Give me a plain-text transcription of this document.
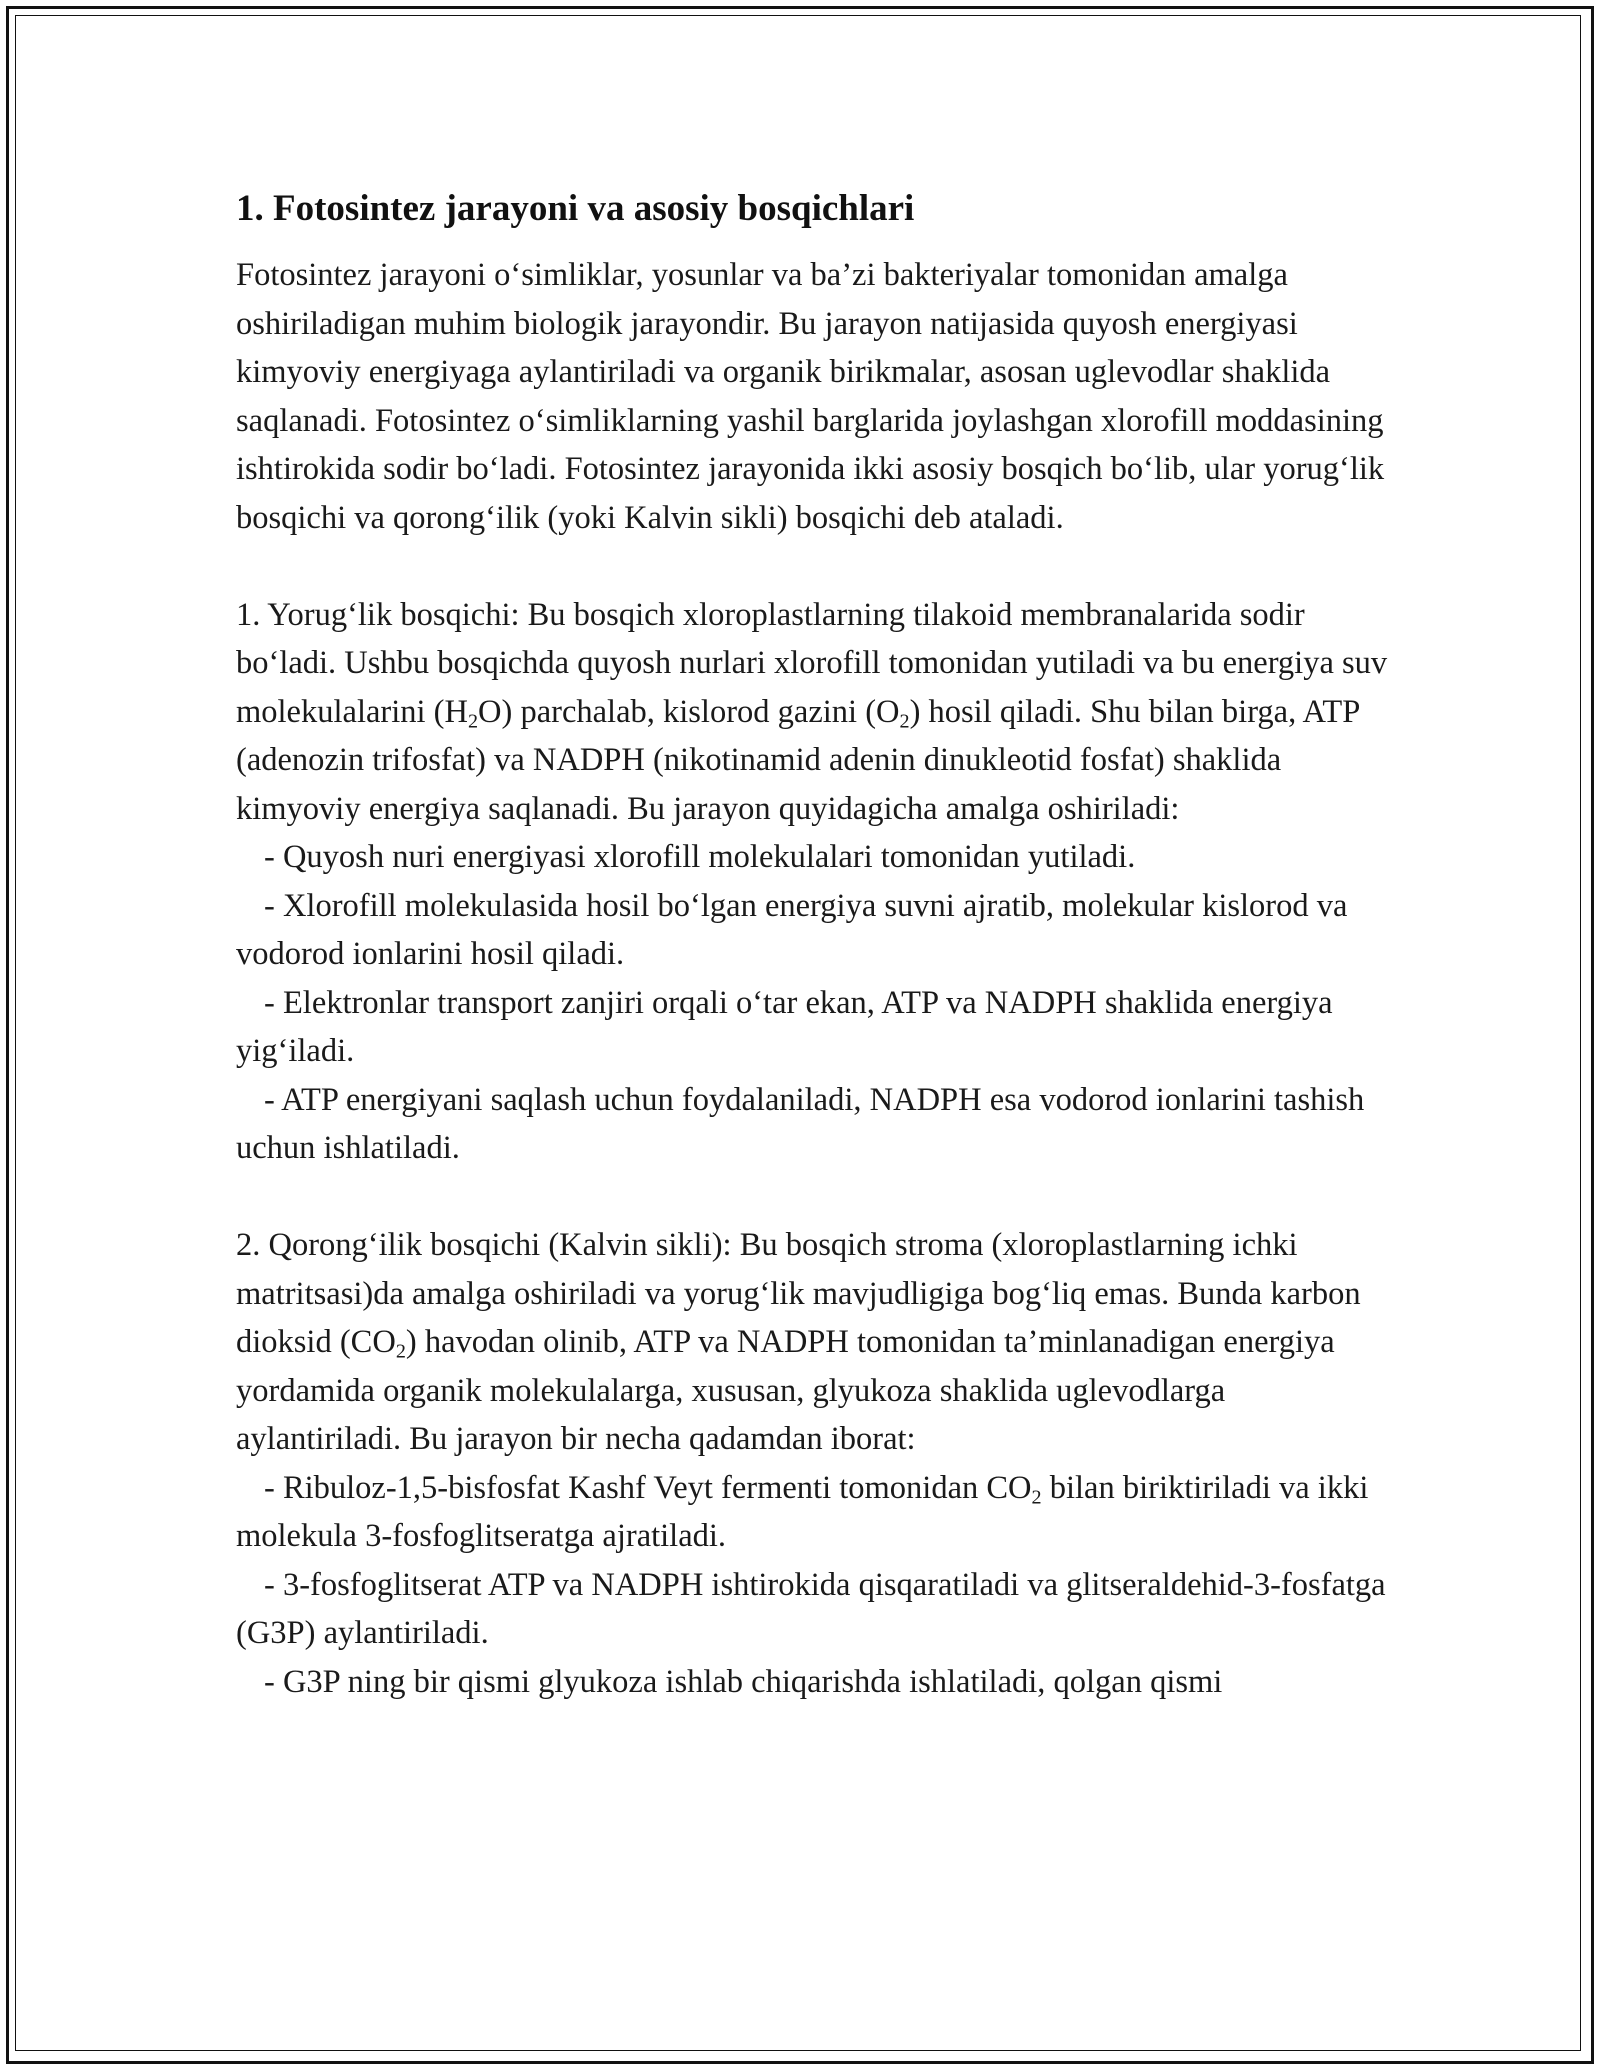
1. Fotosintez jarayoni va asosiy bosqichlari

Fotosintez jarayoni o‘simliklar, yosunlar va ba’zi bakteriyalar tomonidan amalga oshiriladigan muhim biologik jarayondir. Bu jarayon natijasida quyosh energiyasi kimyoviy energiyaga aylantiriladi va organik birikmalar, asosan uglevodlar shaklida saqlanadi. Fotosintez o‘simliklarning yashil barglarida joylashgan xlorofill moddasining ishtirokida sodir bo‘ladi. Fotosintez jarayonida ikki asosiy bosqich bo‘lib, ular yorug‘lik bosqichi va qorong‘ilik (yoki Kalvin sikli) bosqichi deb ataladi.

1. Yorug‘lik bosqichi: Bu bosqich xloroplastlarning tilakoid membranalarida sodir bo‘ladi. Ushbu bosqichda quyosh nurlari xlorofill tomonidan yutiladi va bu energiya suv molekulalarini $(H_2O)$ parchalab, kislorod gazini $(O_2)$ hosil qiladi. Shu bilan birga, ATP (adenozin trifosfat) va NADPH (nikotinamid adenin dinukleotid fosfat) shaklida kimyoviy energiya saqlanadi. Bu jarayon quyidagicha amalga oshiriladi:

- Quyosh nuri energiyasi xlorofill molekulalari tomonidan yutiladi.

- Xlorofill molekulasida hosil bo‘lgan energiya suvni ajratib, molekular kislorod va vodorod ionlarini hosil qiladi.

- Elektronlar transport zanjiri orqali o‘tar ekan, ATP va NADPH shaklida energiya yig‘iladi.

- ATP energiyani saqlash uchun foydalaniladi, NADPH esa vodorod ionlarini tashish uchun ishlatiladi.

2. Qorong‘ilik bosqichi (Kalvin sikli): Bu bosqich stroma (xloroplastlarning ichki matritsasi)da amalga oshiriladi va yorug‘lik mavjudligiga bog‘liq emas. Bunda karbon dioksid $(CO_2)$ havodan olinib, ATP va NADPH tomonidan ta’minlanadigan energiya yordamida organik molekulalarga, xususan, glyukoza shaklida uglevodlarga aylantiriladi. Bu jarayon bir necha qadamdan iborat:

- Ribuloz-1,5-bisfosfat Kashf Veyt fermenti tomonidan $CO_2$ bilan biriktiriladi va ikki molekula 3-fosfoglitseratga ajratiladi.

- 3-fosfoglitserat ATP va NADPH ishtirokida qisqaratiladi va glitseraldehid-3-fosfatga (G3P) aylantiriladi.

- G3P ning bir qismi glyukoza ishlab chiqarishda ishlatiladi, qolgan qismi
